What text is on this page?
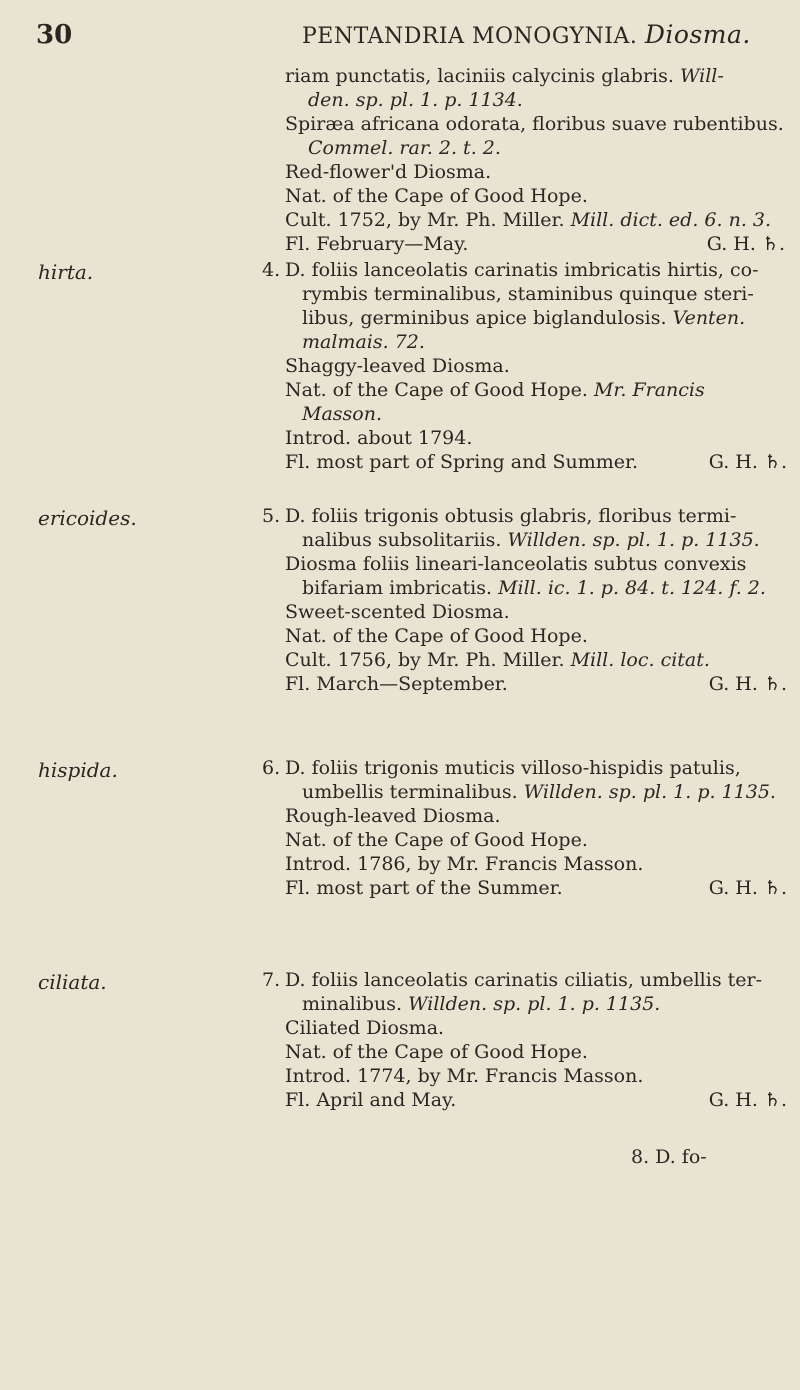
30	PENTANDRIA MONOGYNIA. Diosma.
riam punctatis, laciniis calycinis glabris. Will-
den. sp. pl. 1. p. 1134.
Spiræa africana odorata, floribus suave rubentibus.
Commel. rar. 2. t. 2.
Red-flower'd Diosma.
Nat. of the Cape of Good Hope.
Cult. 1752, by Mr. Ph. Miller. Mill. dict. ed. 6. n. 3.
Fl. February—May.	G. H. ♄.
hirta.	4. D. foliis lanceolatis carinatis imbricatis hirtis, co-
rymbis terminalibus, staminibus quinque steri-
libus, germinibus apice biglandulosis. Venten.
malmais. 72.
Shaggy-leaved Diosma.
Nat. of the Cape of Good Hope. Mr. Francis
Masson.
Introd. about 1794.
Fl. most part of Spring and Summer.	G. H. ♄.
ericoides.	5. D. foliis trigonis obtusis glabris, floribus termi-
nalibus subsolitariis. Willden. sp. pl. 1. p. 1135.
Diosma foliis lineari-lanceolatis subtus convexis
bifariam imbricatis. Mill. ic. 1. p. 84. t. 124. f. 2.
Sweet-scented Diosma.
Nat. of the Cape of Good Hope.
Cult. 1756, by Mr. Ph. Miller. Mill. loc. citat.
Fl. March—September.	G. H. ♄.
hispida.	6. D. foliis trigonis muticis villoso-hispidis patulis,
umbellis terminalibus. Willden. sp. pl. 1. p. 1135.
Rough-leaved Diosma.
Nat. of the Cape of Good Hope.
Introd. 1786, by Mr. Francis Masson.
Fl. most part of the Summer.	G. H. ♄.
ciliata.	7. D. foliis lanceolatis carinatis ciliatis, umbellis ter-
minalibus. Willden. sp. pl. 1. p. 1135.
Ciliated Diosma.
Nat. of the Cape of Good Hope.
Introd. 1774, by Mr. Francis Masson.
Fl. April and May.	G. H. ♄.
8. D. fo-
